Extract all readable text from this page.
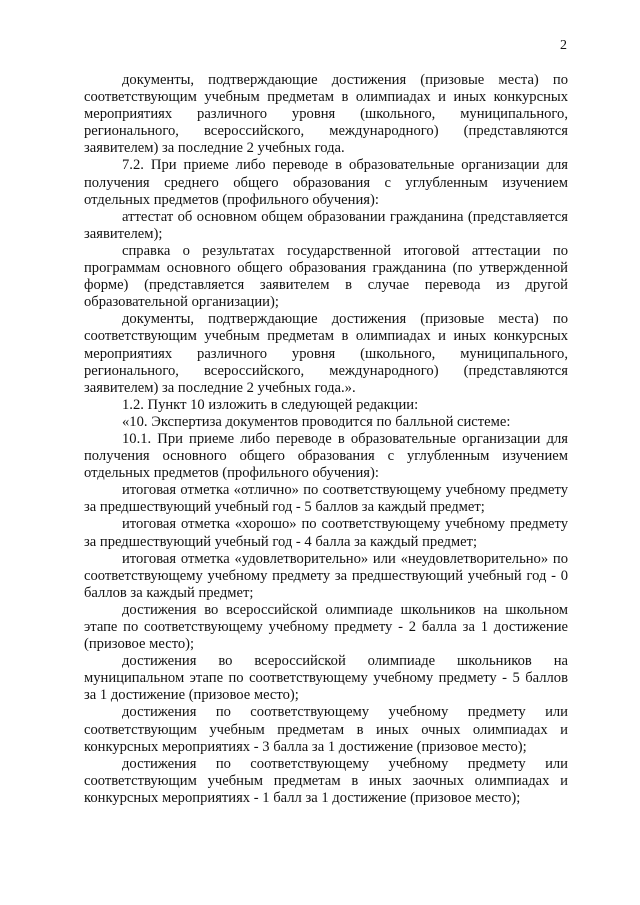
2

документы, подтверждающие достижения (призовые места) по соответствующим учебным предметам в олимпиадах и иных конкурсных мероприятиях различного уровня (школьного, муниципального, регионального, всероссийского, международного) (представляются заявителем) за последние 2 учебных года.

7.2. При приеме либо переводе в образовательные организации для получения среднего общего образования с углубленным изучением отдельных предметов (профильного обучения):

аттестат об основном общем образовании гражданина (представляется заявителем);

справка о результатах государственной итоговой аттестации по программам основного общего образования гражданина (по утвержденной форме) (представляется заявителем в случае перевода из другой образовательной организации);

документы, подтверждающие достижения (призовые места) по соответствующим учебным предметам в олимпиадах и иных конкурсных мероприятиях различного уровня (школьного, муниципального, регионального, всероссийского, международного) (представляются заявителем) за последние 2 учебных года.».

1.2. Пункт 10 изложить в следующей редакции:

«10. Экспертиза документов проводится по балльной системе:

10.1. При приеме либо переводе в образовательные организации для получения основного общего образования с углубленным изучением отдельных предметов (профильного обучения):

итоговая отметка «отлично» по соответствующему учебному предмету за предшествующий учебный год - 5 баллов за каждый предмет;

итоговая отметка «хорошо» по соответствующему учебному предмету за предшествующий учебный год - 4 балла за каждый предмет;

итоговая отметка «удовлетворительно» или «неудовлетворительно» по соответствующему учебному предмету за предшествующий учебный год - 0 баллов за каждый предмет;

достижения во всероссийской олимпиаде школьников на школьном этапе по соответствующему учебному предмету - 2 балла за 1 достижение (призовое место);

достижения во всероссийской олимпиаде школьников на муниципальном этапе по соответствующему учебному предмету - 5 баллов за 1 достижение (призовое место);

достижения по соответствующему учебному предмету или соответствующим учебным предметам в иных очных олимпиадах и конкурсных мероприятиях - 3 балла за 1 достижение (призовое место);

достижения по соответствующему учебному предмету или соответствующим учебным предметам в иных заочных олимпиадах и конкурсных мероприятиях - 1 балл за 1 достижение (призовое место);
